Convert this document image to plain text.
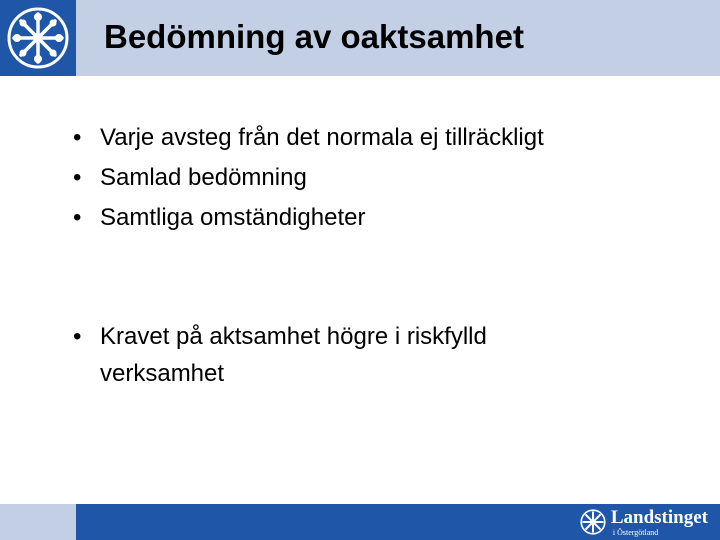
Bedömning av oaktsamhet
• Varje avsteg från det normala ej tillräckligt
• Samlad bedömning
• Samtliga omständigheter
• Kravet på aktsamhet högre i riskfylld verksamhet
Landstinget
i Östergötland
